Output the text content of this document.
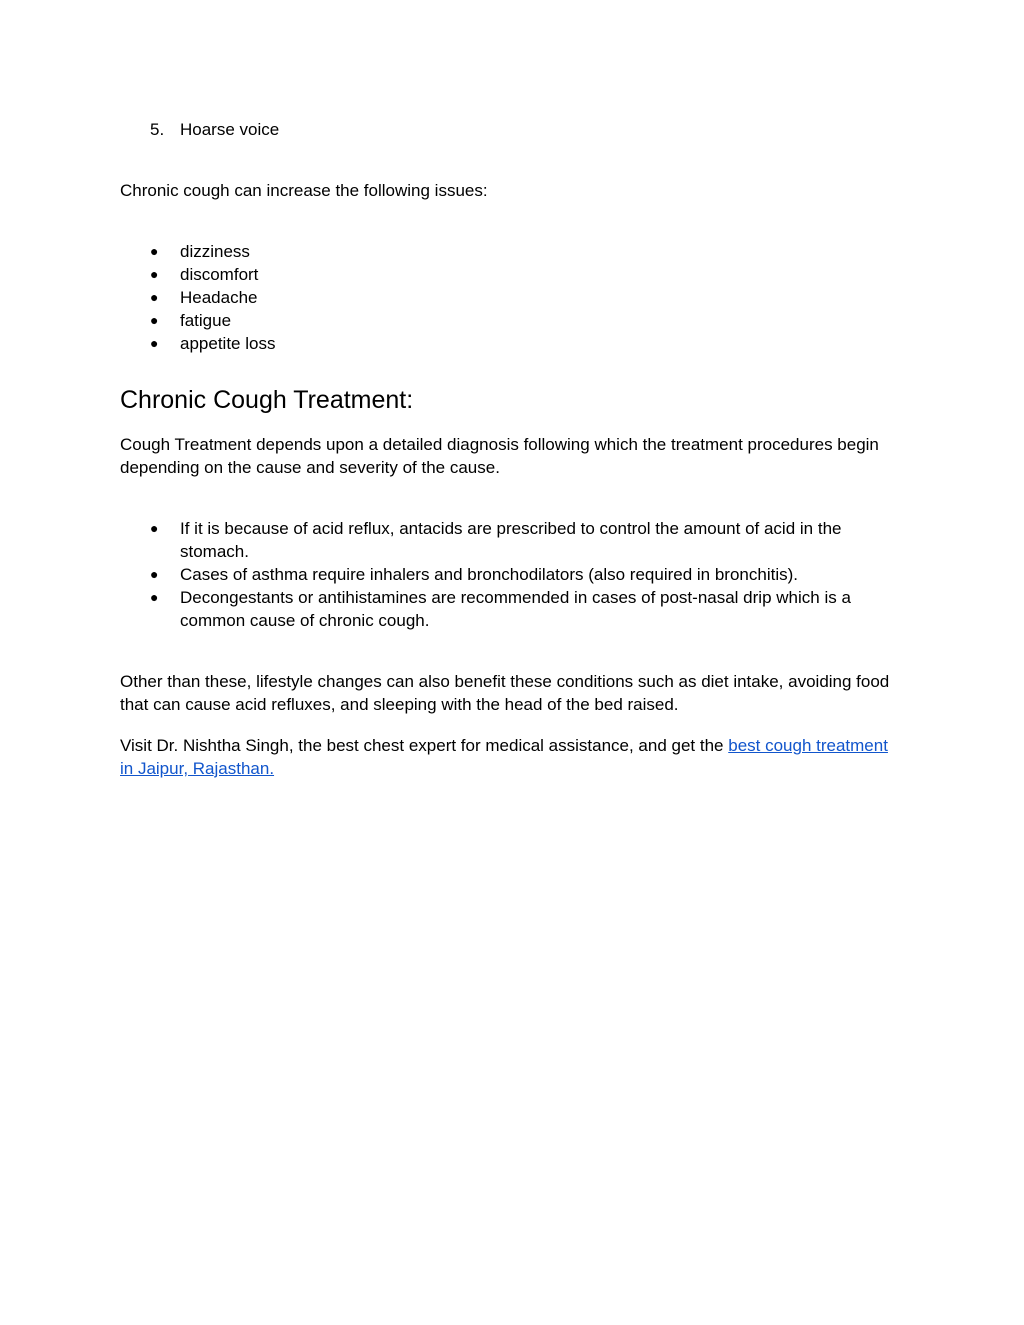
5. Hoarse voice

Chronic cough can increase the following issues:

● dizziness
● discomfort
● Headache
● fatigue
● appetite loss
Chronic Cough Treatment:

Cough Treatment depends upon a detailed diagnosis following which the treatment procedures begin depending on the cause and severity of the cause.

● If it is because of acid reflux, antacids are prescribed to control the amount of acid in the stomach.
● Cases of asthma require inhalers and bronchodilators (also required in bronchitis).
● Decongestants or antihistamines are recommended in cases of post-nasal drip which is a common cause of chronic cough.

Other than these, lifestyle changes can also benefit these conditions such as diet intake, avoiding food that can cause acid refluxes, and sleeping with the head of the bed raised.

Visit Dr. Nishtha Singh, the best chest expert for medical assistance, and get the best cough treatment in Jaipur, Rajasthan.
